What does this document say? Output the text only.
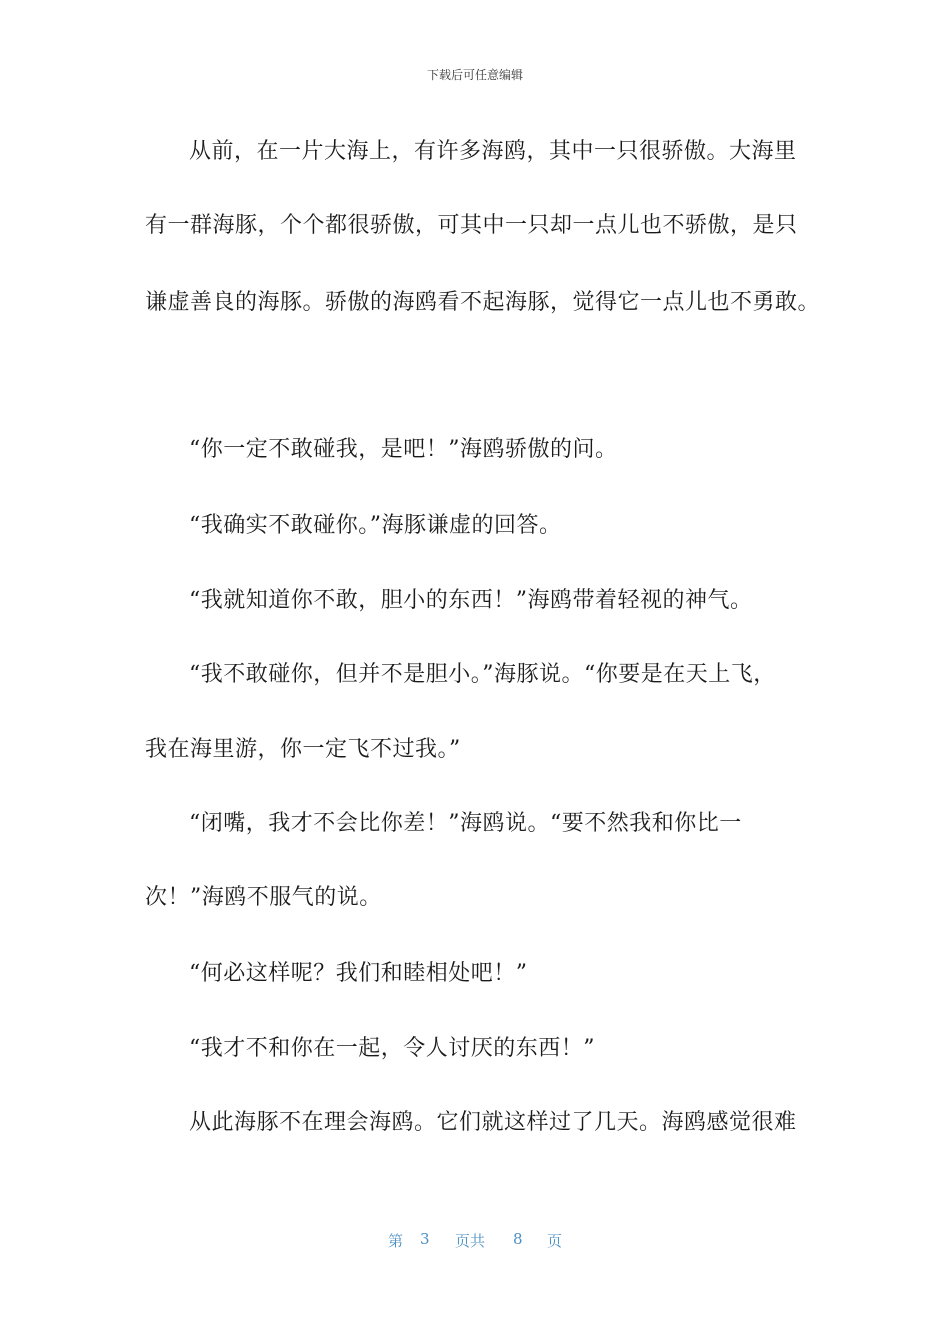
下载后可任意编辑
从前，在一片大海上，有许多海鸥，其中一只很骄傲。大海里
有一群海豚，个个都很骄傲，可其中一只却一点儿也不骄傲，是只
谦虚善良的海豚。骄傲的海鸥看不起海豚，觉得它一点儿也不勇敢。
“你一定不敢碰我，是吧！”海鸥骄傲的问。
“我确实不敢碰你。”海豚谦虚的回答。
“我就知道你不敢，胆小的东西！”海鸥带着轻视的神气。
“我不敢碰你，但并不是胆小。”海豚说。“你要是在天上飞，
我在海里游，你一定飞不过我。”
“闭嘴，我才不会比你差！”海鸥说。“要不然我和你比一
次！”海鸥不服气的说。
“何必这样呢？我们和睦相处吧！”
“我才不和你在一起，令人讨厌的东西！”
从此海豚不在理会海鸥。它们就这样过了几天。海鸥感觉很难
第 3 页共 8 页
